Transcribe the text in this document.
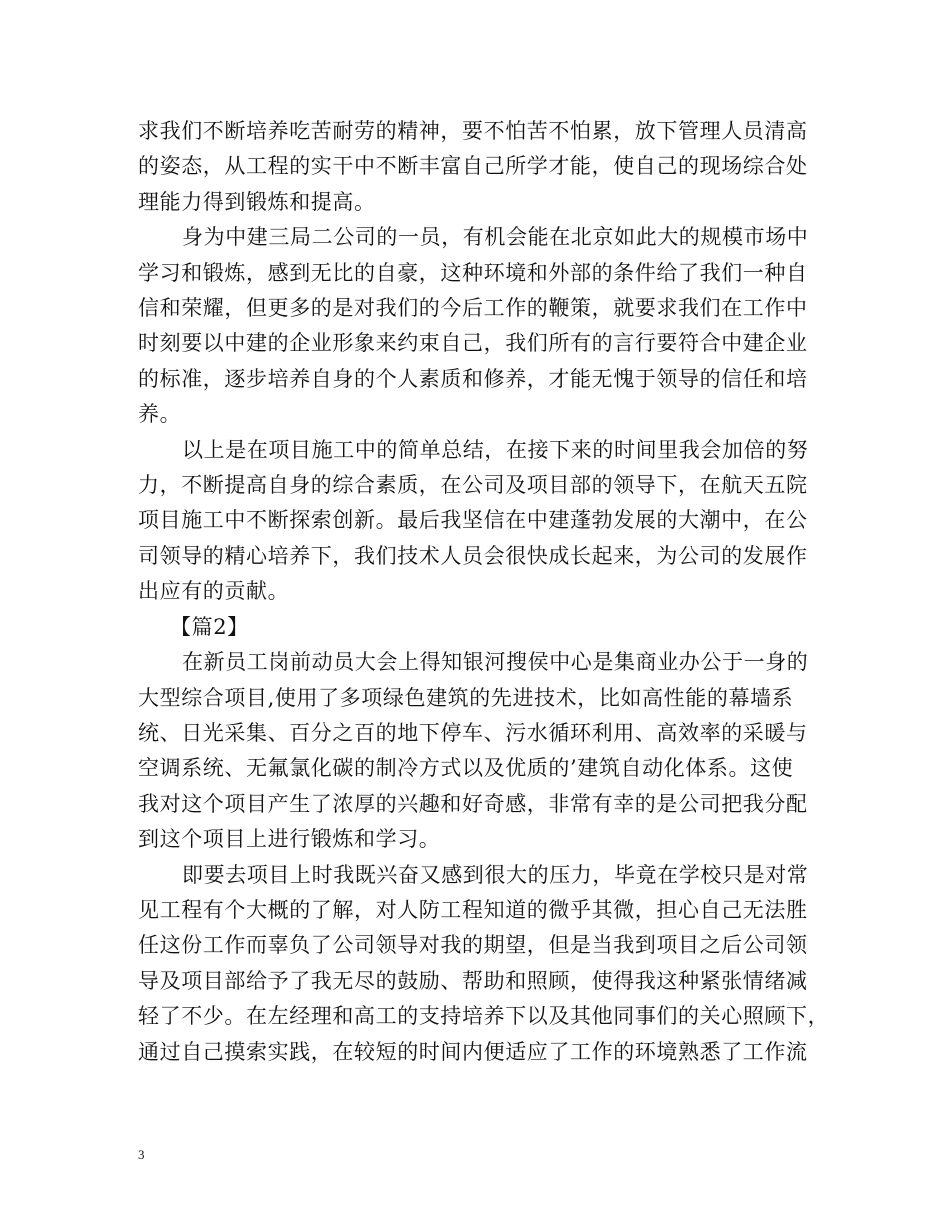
求我们不断培养吃苦耐劳的精神，要不怕苦不怕累，放下管理人员清高
的姿态，从工程的实干中不断丰富自己所学才能，使自己的现场综合处
理能力得到锻炼和提高。
身为中建三局二公司的一员，有机会能在北京如此大的规模市场中
学习和锻炼，感到无比的自豪，这种环境和外部的条件给了我们一种自
信和荣耀，但更多的是对我们的今后工作的鞭策，就要求我们在工作中
时刻要以中建的企业形象来约束自己，我们所有的言行要符合中建企业
的标准，逐步培养自身的个人素质和修养，才能无愧于领导的信任和培
养。
以上是在项目施工中的简单总结，在接下来的时间里我会加倍的努
力，不断提高自身的综合素质，在公司及项目部的领导下，在航天五院
项目施工中不断探索创新。最后我坚信在中建蓬勃发展的大潮中，在公
司领导的精心培养下，我们技术人员会很快成长起来，为公司的发展作
出应有的贡献。
【篇2】
在新员工岗前动员大会上得知银河搜侯中心是集商业办公于一身的
大型综合项目,使用了多项绿色建筑的先进技术，比如高性能的幕墙系
统、日光采集、百分之百的地下停车、污水循环利用、高效率的采暖与
空调系统、无氟氯化碳的制冷方式以及优质的’建筑自动化体系。这使
我对这个项目产生了浓厚的兴趣和好奇感，非常有幸的是公司把我分配
到这个项目上进行锻炼和学习。
即要去项目上时我既兴奋又感到很大的压力，毕竟在学校只是对常
见工程有个大概的了解，对人防工程知道的微乎其微，担心自己无法胜
任这份工作而辜负了公司领导对我的期望，但是当我到项目之后公司领
导及项目部给予了我无尽的鼓励、帮助和照顾，使得我这种紧张情绪减
轻了不少。在左经理和高工的支持培养下以及其他同事们的关心照顾下，
通过自己摸索实践，在较短的时间内便适应了工作的环境熟悉了工作流
3
